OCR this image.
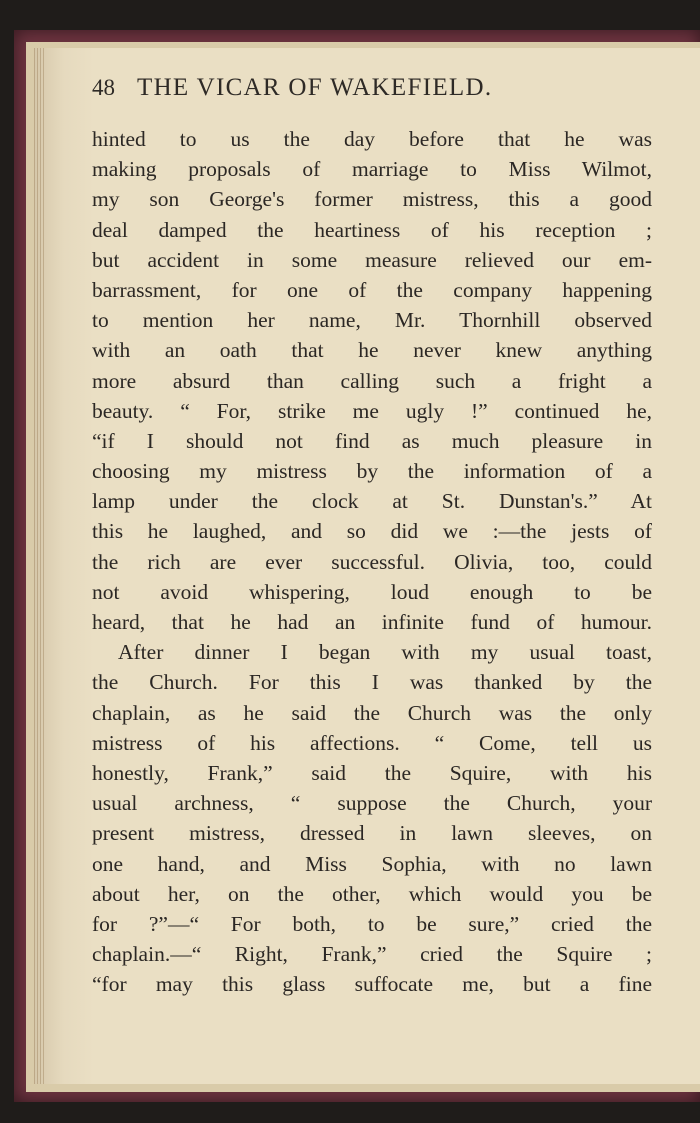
48 THE VICAR OF WAKEFIELD.
hinted to us the day before that he was
making proposals of marriage to Miss Wilmot,
my son George's former mistress, this a good
deal damped the heartiness of his reception ;
but accident in some measure relieved our em-
barrassment, for one of the company happening
to mention her name, Mr. Thornhill observed
with an oath that he never knew anything
more absurd than calling such a fright a
beauty. “ For, strike me ugly !” continued he,
“if I should not find as much pleasure in
choosing my mistress by the information of a
lamp under the clock at St. Dunstan's.” At
this he laughed, and so did we :—the jests of
the rich are ever successful. Olivia, too, could
not avoid whispering, loud enough to be
heard, that he had an infinite fund of humour.
After dinner I began with my usual toast,
the Church. For this I was thanked by the
chaplain, as he said the Church was the only
mistress of his affections. “ Come, tell us
honestly, Frank,” said the Squire, with his
usual archness, “ suppose the Church, your
present mistress, dressed in lawn sleeves, on
one hand, and Miss Sophia, with no lawn
about her, on the other, which would you be
for ?”—“ For both, to be sure,” cried the
chaplain.—“ Right, Frank,” cried the Squire ;
“for may this glass suffocate me, but a fine
